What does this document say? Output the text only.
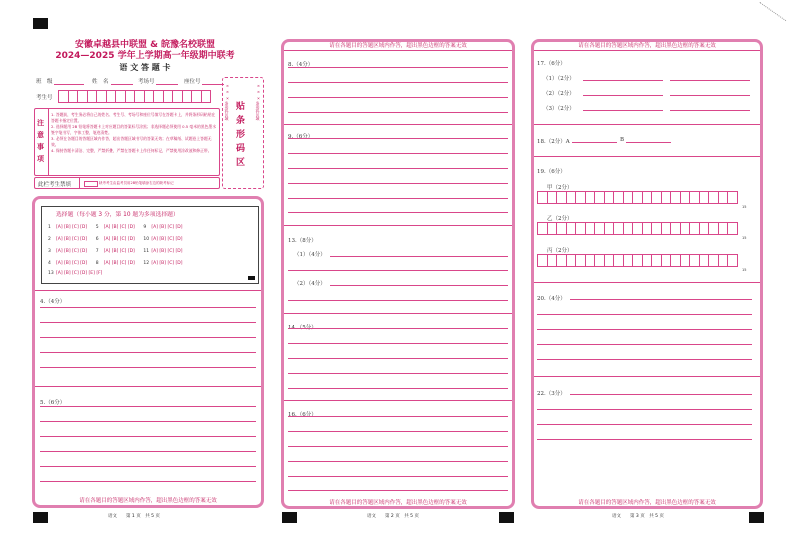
安徽卓越县中联盟 & 皖豫名校联盟
2024—2025 学年上学期高一年级期中联考
语 文 答 题 卡
班　级	姓　名	考场号	座位号
考生号
贴条形码区
× × × 条形码区域	× × × 条形码区域
注意事项
1. 答题前，考生务必将自己的姓名、考生号、考场号和座位号填写在答题卡上，并将条形码粘贴在答题卡指定位置。
2. 选择题用 2B 铅笔将答题卡上对应题目的答案标号涂黑；非选择题必须使用 0.5 毫米的黑色墨水签字笔书写，字体工整，笔迹清楚。
3. 必须在各题目的答题区域内作答，超出答题区域书写的答案无效；在草稿纸、试题卷上答题无效。
4. 保持答题卡清洁、完整，严禁折叠，严禁在答题卡上作任何标记，严禁使用涂改液和修正带。
此栏考生禁填	缺考考生由监考员用2B铅笔填涂右边的缺考标记
选择题（每小题 3 分，第 10 题为多项选择题）
1 [A] [B] [C] [D] 5 [A] [B] [C] [D] 9 [A] [B] [C] [D]
2 [A] [B] [C] [D] 6 [A] [B] [C] [D] 10 [A] [B] [C] [D]
3 [A] [B] [C] [D] 7 [A] [B] [C] [D] 11 [A] [B] [C] [D]
4 [A] [B] [C] [D] 8 [A] [B] [C] [D] 12 [A] [B] [C] [D]
13 [A] [B] [C] [D] [E] [F]
4.（4分）
5.（6分）
请在各题目的答题区域内作答，超出黑色边框的答案无效
语文　　第 1 页　共 5 页
请在各题目的答题区域内作答，超出黑色边框的答案无效
8.（4分）
9.（6分）
13.（8分）
（1）（4分）
（2）（4分）
14.（5分）
16.（6分）
请在各题目的答题区域内作答，超出黑色边框的答案无效
语文　　第 2 页　共 5 页
请在各题目的答题区域内作答，超出黑色边框的答案无效
17.（6分）
（1）（2分）
（2）（2分）
（3）（2分）
18.（2分）A	B
19.（6分）
甲（2分）
15
乙（2分）
15
丙（2分）
15
20.（4分）
22.（3分）
请在各题目的答题区域内作答，超出黑色边框的答案无效
语文　　第 3 页　共 5 页
